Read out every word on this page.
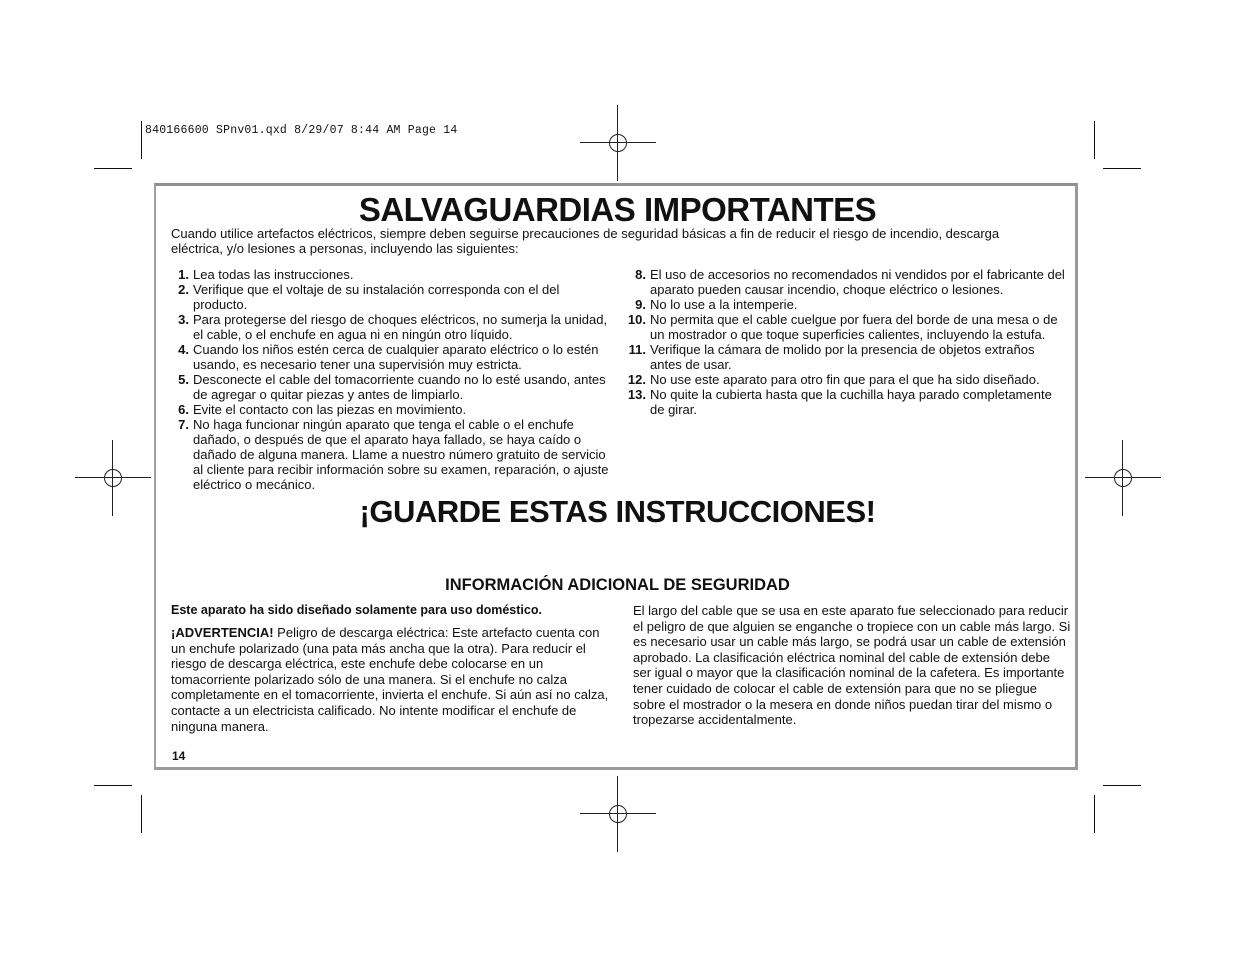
840166600 SPnv01.qxd 8/29/07 8:44 AM Page 14
SALVAGUARDIAS IMPORTANTES

Cuando utilice artefactos eléctricos, siempre deben seguirse precauciones de seguridad básicas a fin de reducir el riesgo de incendio, descarga eléctrica, y/o lesiones a personas, incluyendo las siguientes:

1. Lea todas las instrucciones.
2. Verifique que el voltaje de su instalación corresponda con el del producto.
3. Para protegerse del riesgo de choques eléctricos, no sumerja la unidad, el cable, o el enchufe en agua ni en ningún otro líquido.
4. Cuando los niños estén cerca de cualquier aparato eléctrico o lo estén usando, es necesario tener una supervisión muy estricta.
5. Desconecte el cable del tomacorriente cuando no lo esté usando, antes de agregar o quitar piezas y antes de limpiarlo.
6. Evite el contacto con las piezas en movimiento.
7. No haga funcionar ningún aparato que tenga el cable o el enchufe dañado, o después de que el aparato haya fallado, se haya caído o dañado de alguna manera. Llame a nuestro número gratuito de servicio al cliente para recibir información sobre su examen, reparación, o ajuste eléctrico o mecánico.
8. El uso de accesorios no recomendados ni vendidos por el fabricante del aparato pueden causar incendio, choque eléctrico o lesiones.
9. No lo use a la intemperie.
10. No permita que el cable cuelgue por fuera del borde de una mesa o de un mostrador o que toque superficies calientes, incluyendo la estufa.
11. Verifique la cámara de molido por la presencia de objetos extraños antes de usar.
12. No use este aparato para otro fin que para el que ha sido diseñado.
13. No quite la cubierta hasta que la cuchilla haya parado completamente de girar.
¡GUARDE ESTAS INSTRUCCIONES!
INFORMACIÓN ADICIONAL DE SEGURIDAD

Este aparato ha sido diseñado solamente para uso doméstico.

¡ADVERTENCIA! Peligro de descarga eléctrica: Este artefacto cuenta con un enchufe polarizado (una pata más ancha que la otra). Para reducir el riesgo de descarga eléctrica, este enchufe debe colocarse en un tomacorriente polarizado sólo de una manera. Si el enchufe no calza completamente en el tomacorriente, invierta el enchufe. Si aún así no calza, contacte a un electricista calificado. No intente modificar el enchufe de ninguna manera.

El largo del cable que se usa en este aparato fue seleccionado para reducir el peligro de que alguien se enganche o tropiece con un cable más largo. Si es necesario usar un cable más largo, se podrá usar un cable de extensión aprobado. La clasificación eléctrica nominal del cable de extensión debe ser igual o mayor que la clasificación nominal de la cafetera. Es importante tener cuidado de colocar el cable de extensión para que no se pliegue sobre el mostrador o la mesera en donde niños puedan tirar del mismo o tropezarse accidentalmente.

14
